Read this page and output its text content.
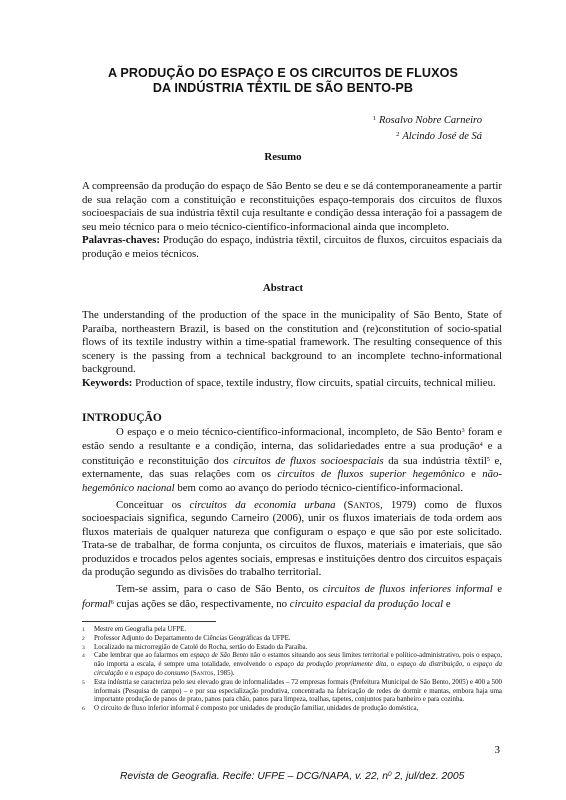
A PRODUÇÃO DO ESPAÇO E OS CIRCUITOS DE FLUXOS
DA INDÚSTRIA TÊXTIL DE SÃO BENTO-PB
$^1$ Rosalvo Nobre Carneiro
$^2$ Alcindo José de Sá
Resumo

A compreensão da produção do espaço de São Bento se deu e se dá contemporaneamente a partir de sua relação com a constituição e reconstituições espaço-temporais dos circuitos de fluxos socioespaciais de sua indústria têxtil cuja resultante e condição dessa interação foi a passagem de seu meio técnico para o meio técnico-científico-informacional ainda que incompleto.

Palavras-chaves: Produção do espaço, indústria têxtil, circuitos de fluxos, circuitos espaciais da produção e meios técnicos.

Abstract

The understanding of the production of the space in the municipality of São Bento, State of Paraíba, northeastern Brazil, is based on the constitution and (re)constitution of socio-spatial flows of its textile industry within a time-spatial framework. The resulting consequence of this scenery is the passing from a technical background to an incomplete techno-informational background.

Keywords: Production of space, textile industry, flow circuits, spatial circuits, technical milieu.

INTRODUÇÃO

O espaço e o meio técnico-científico-informacional, incompleto, de São Bento$^3$ foram e estão sendo a resultante e a condição, interna, das solidariedades entre a sua produção$^4$ e a constituição e reconstituição dos circuitos de fluxos socioespaciais da sua indústria têxtil$^5$ e, externamente, das suas relações com os circuitos de fluxos superior hegemônico e não-hegemônico nacional bem como ao avanço do período técnico-científico-informacional.

Conceituar os circuitos da economia urbana (Santos, 1979) como de fluxos socioespaciais significa, segundo Carneiro (2006), unir os fluxos imateriais de toda ordem aos fluxos materiais de qualquer natureza que configuram o espaço e que são por este solicitado. Trata-se de trabalhar, de forma conjunta, os circuitos de fluxos, materiais e imateriais, que são produzidos e trocados pelos agentes sociais, empresas e instituições dentro dos circuitos espaçais da produção segundo as divisões do trabalho territorial.

Tem-se assim, para o caso de São Bento, os circuitos de fluxos inferiores informal e formal$^6$ cujas ações se dão, respectivamente, no circuito espacial da produção local e

1	Mestre em Geografia pela UFPE.
2	Professor Adjunto do Departamento de Ciências Geográficas da UFPE.
3	Localizado na microrregião de Catolé do Rocha, sertão do Estado da Paraíba.
4	Cabe lembrar que ao falarmos em espaço de São Bento não o estamos situando aos seus limites territorial e político-administrativo, pois o espaço, não importa a escala, é sempre uma totalidade, envolvendo o espaço da produção propriamente dita, o espaço da distribuição, o espaço da circulação e o espaço do consumo (Santos, 1985).
5	Esta indústria se caracteriza pelo seu elevado grau de informalidades – 72 empresas formais (Prefeitura Municipal de São Bento, 2005) e 400 a 500 informais (Pesquisa de campo) – e por sua especialização produtiva, concentrada na fabricação de redes de dormir e mantas, embora haja uma importante produção de panos de prato, panos para chão, panos para limpeza, toalhas, tapetes, conjuntos para banheiro e para cozinha.
6	O circuito de fluxo inferior informal é composto por unidades de produção familiar, unidades de produção doméstica,
3
Revista de Geografia. Recife: UFPE – DCG/NAPA, v. 22, $n^0$ 2, jul/dez. 2005
